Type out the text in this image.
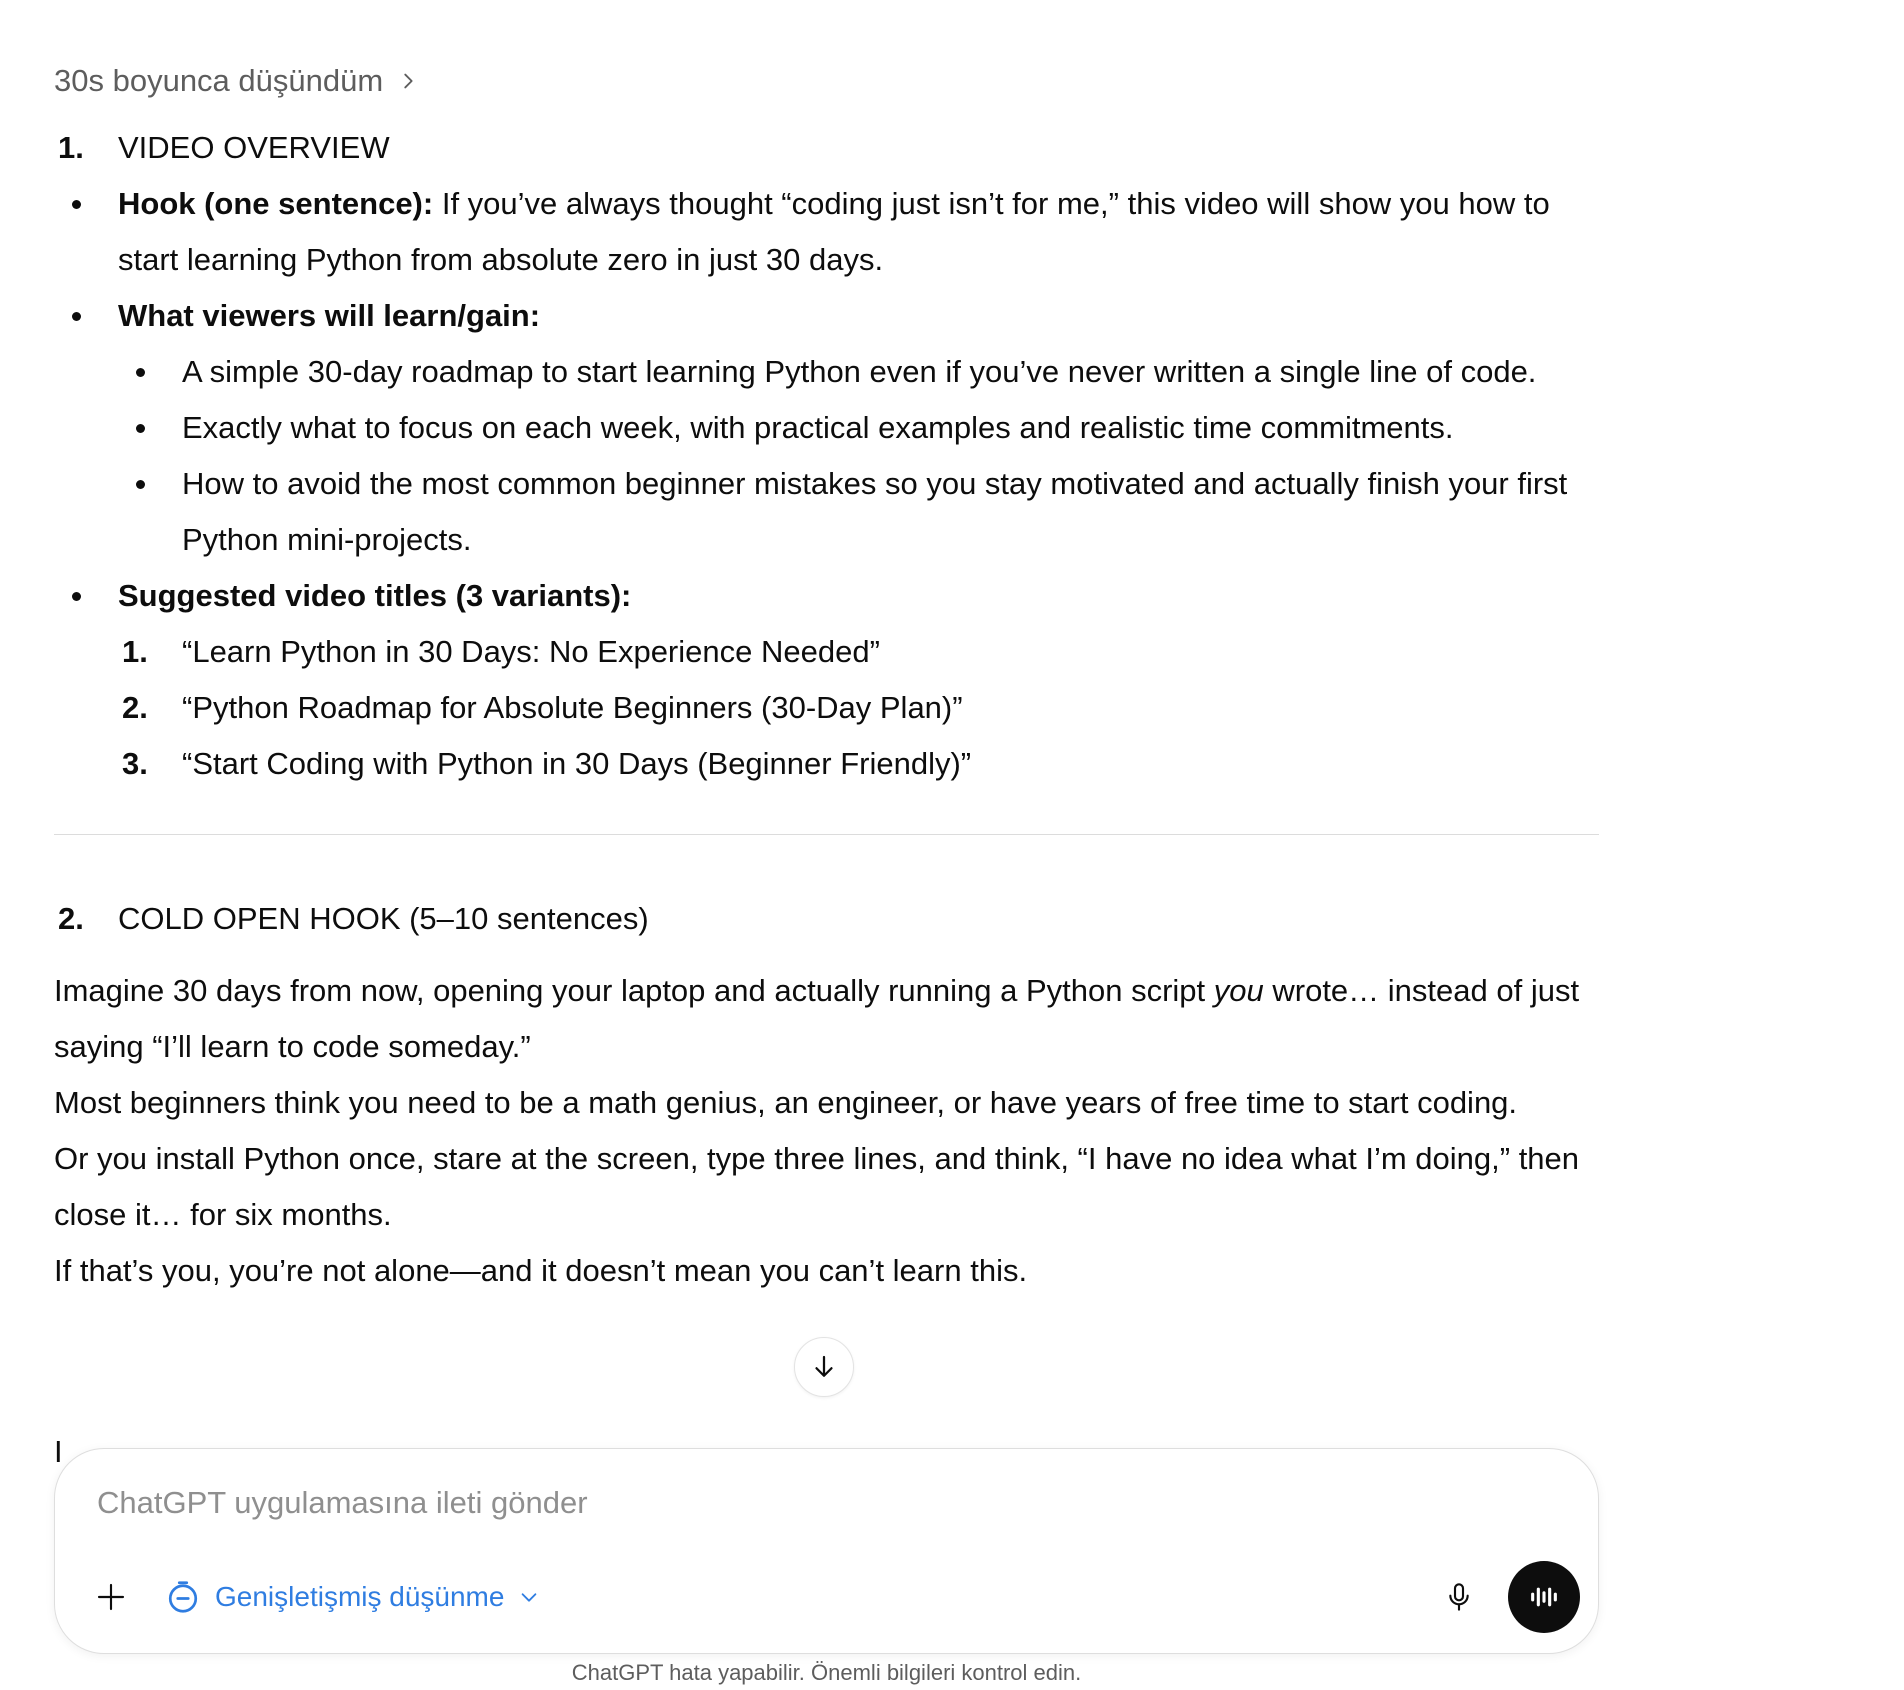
30s boyunca düşündüm
1.	VIDEO OVERVIEW
Hook (one sentence): If you’ve always thought “coding just isn’t for me,” this video will show you how to start learning Python from absolute zero in just 30 days.
What viewers will learn/gain:
A simple 30-day roadmap to start learning Python even if you’ve never written a single line of code.
Exactly what to focus on each week, with practical examples and realistic time commitments.
How to avoid the most common beginner mistakes so you stay motivated and actually finish your first Python mini-projects.
Suggested video titles (3 variants):
1.	“Learn Python in 30 Days: No Experience Needed”
2.	“Python Roadmap for Absolute Beginners (30-Day Plan)”
3.	“Start Coding with Python in 30 Days (Beginner Friendly)”
2.	COLD OPEN HOOK (5–10 sentences)

Imagine 30 days from now, opening your laptop and actually running a Python script you wrote… instead of just saying “I’ll learn to code someday.”

Most beginners think you need to be a math genius, an engineer, or have years of free time to start coding.

Or you install Python once, stare at the screen, type three lines, and think, “I have no idea what I’m doing,” then close it… for six months.

If that’s you, you’re not alone—and it doesn’t mean you can’t learn this.

I
ChatGPT uygulamasına ileti gönder
Genişletişmiş düşünme
ChatGPT hata yapabilir. Önemli bilgileri kontrol edin.
